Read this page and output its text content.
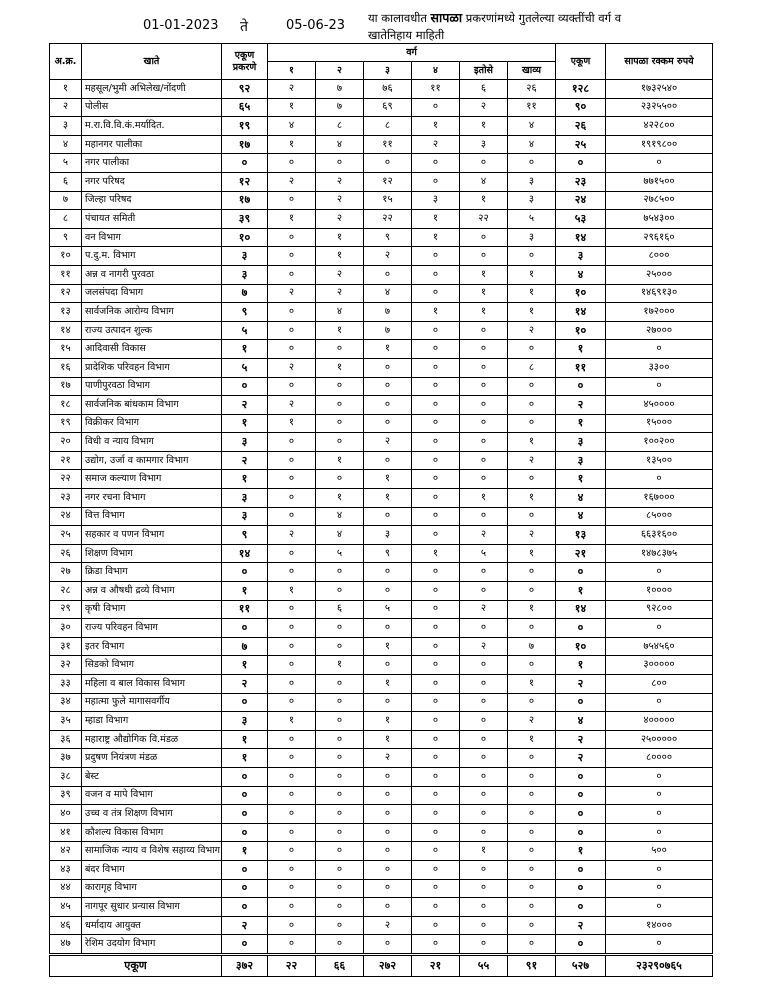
01-01-2023 ते	05-06-23 या कालावधीत सापळा प्रकरणांमध्ये गुतलेल्या व्यक्तींची वर्ग व खातेनिहाय माहिती
अ.क्र.	खाते	एकूण प्रकरणे	वर्ग						एकूण	सापळा रक्कम रुपये
			१	२	३	४	इतोसे	खाव्य		
१	महसूल/भुमी अभिलेख/नोंदणी	९२	२	७	७६	११	६	२६	१२८	१७३२५४०
२	पोलीस	६५	१	७	६९	०	२	११	९०	२३२५५००
३	म.रा.वि.वि.कं.मर्यादित.	१९	४	८	८	१	१	४	२६	४२२८००
४	महानगर पालीका	१७	१	४	११	२	३	४	२५	१९१९८००
५	नगर पालीका	०	०	०	०	०	०	०	०	०
६	नगर परिषद	१२	२	२	१२	०	४	३	२३	७७१५००
७	जिल्हा परिषद	१७	०	२	१५	३	१	३	२४	२७८५००
८	पंचायत समिती	३९	१	२	२२	१	२२	५	५३	७५४३००
९	वन विभाग	१०	०	१	९	१	०	३	१४	२९६१६०
१०	प.दु.म. विभाग	३	०	१	२	०	०	०	३	८०००
११	अन्न व नागरी पुरवठा	३	०	२	०	०	१	१	४	२५०००
१२	जलसंपदा विभाग	७	२	२	४	०	१	१	१०	१४६९१३०
१३	सार्वजनिक आरोग्य विभाग	९	०	४	७	१	१	१	१४	१७२०००
१४	राज्य उत्पादन शुल्क	५	०	१	७	०	०	२	१०	२७०००
१५	आदिवासी विकास	१	०	०	१	०	०	०	१	०
१६	प्रादेशिक परिवहन विभाग	५	२	१	०	०	०	८	११	३३००
१७	पाणीपुरवठा विभाग	०	०	०	०	०	०	०	०	०
१८	सार्वजनिक बांधकाम विभाग	२	२	०	०	०	०	०	२	४५००००
१९	विक्रीकर विभाग	१	१	०	०	०	०	०	१	१५०००
२०	विधी व न्याय विभाग	३	०	०	२	०	०	१	३	१००२००
२१	उद्योग, उर्जा व कामगार विभाग	२	०	१	०	०	०	२	३	१३५००
२२	समाज कल्याण विभाग	१	०	०	१	०	०	०	१	०
२३	नगर रचना विभाग	३	०	१	१	०	१	१	४	१६७०००
२४	वित्त विभाग	३	०	४	०	०	०	०	४	८५०००
२५	सहकार व पणन विभाग	९	२	४	३	०	२	२	१३	६६३१६००
२६	शिक्षण विभाग	१४	०	५	९	१	५	१	२१	१४७८३७५
२७	क्रिडा विभाग	०	०	०	०	०	०	०	०	०
२८	अन्न व औषधी द्रव्ये विभाग	१	१	०	०	०	०	०	१	१००००
२९	कृषी विभाग	११	०	६	५	०	२	१	१४	९२८००
३०	राज्य परिवहन विभाग	०	०	०	०	०	०	०	०	०
३१	इतर विभाग	७	०	०	१	०	२	७	१०	७५४५६०
३२	सिडको विभाग	१	०	१	०	०	०	०	१	३०००००
३३	महिला व बाल विकास विभाग	२	०	०	१	०	०	१	२	८००
३४	महात्मा फुले मागासवर्गीय	०	०	०	०	०	०	०	०	०
३५	म्हाडा विभाग	३	१	०	१	०	०	२	४	४०००००
३६	महाराष्ट्र औद्योगिक वि.मंडळ	१	०	०	१	०	०	१	२	२५०००००
३७	प्रदुषण नियंत्रण मंडळ	१	०	०	२	०	०	०	२	८००००
३८	बेस्ट	०	०	०	०	०	०	०	०	०
३९	वजन व मापे विभाग	०	०	०	०	०	०	०	०	०
४०	उच्च व तंत्र शिक्षण विभाग	०	०	०	०	०	०	०	०	०
४१	कौशल्य विकास विभाग	०	०	०	०	०	०	०	०	०
४२	सामाजिक न्याय व विशेष सहाय्य विभाग	१	०	०	०	०	१	०	१	५००
४३	बंदर विभाग	०	०	०	०	०	०	०	०	०
४४	कारागृह विभाग	०	०	०	०	०	०	०	०	०
४५	नागपूर सुधार प्रन्यास विभाग	०	०	०	०	०	०	०	०	०
४६	धर्मादाय आयुक्त	२	०	०	२	०	०	०	२	१४०००
४७	रेशिम उदयोग विभाग	०	०	०	०	०	०	०	०	०
एकूण		३७२	२२	६६	२७२	२१	५५	९१	५२७	२३२९०७६५
